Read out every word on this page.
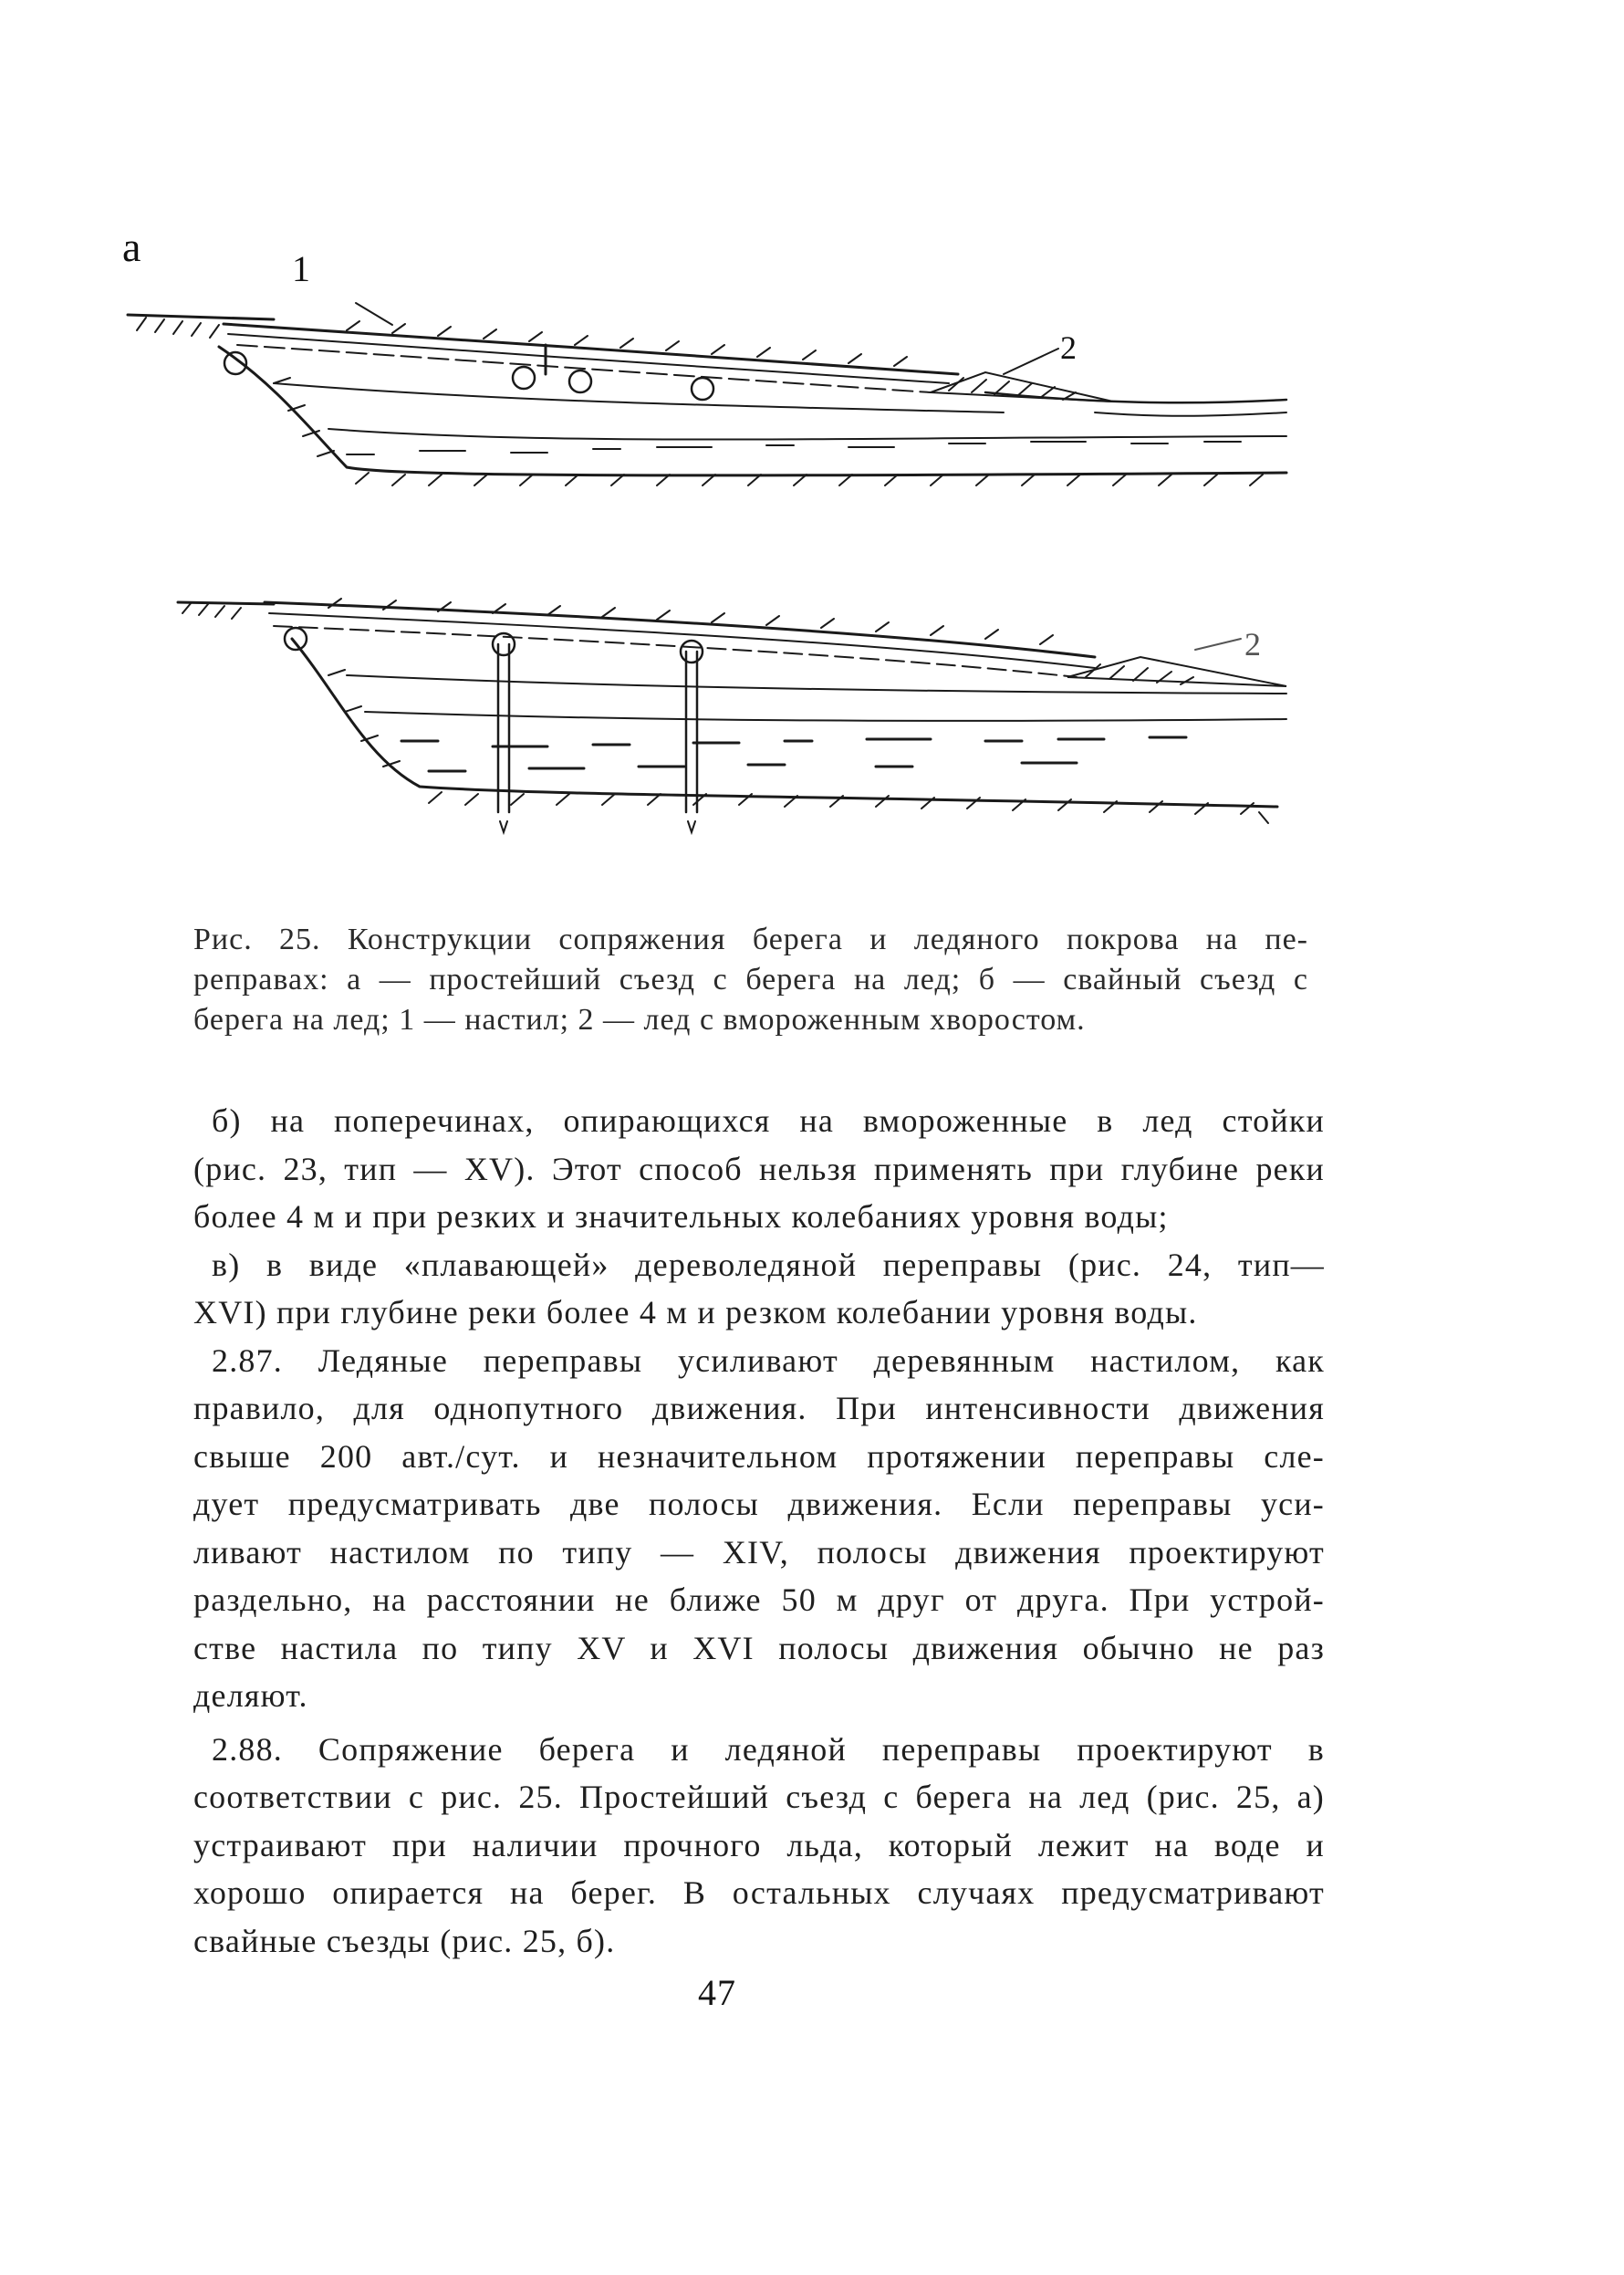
а	1
2
2
Рис. 25. Конструкции сопряжения берега и ледяного покрова на пе-
реправах: а — простейший съезд с берега на лед; б — свайный съезд с
берега на лед; 1 — настил; 2 — лед с вмороженным хворостом.
б) на поперечинах, опирающихся на вмороженные в лед стойки
(рис. 23, тип — XV). Этот способ нельзя применять при глубине реки
более 4 м и при резких и значительных колебаниях уровня воды;
в) в виде «плавающей» дереволедяной переправы (рис. 24, тип—
XVI) при глубине реки более 4 м и резком колебании уровня воды.
2.87. Ледяные переправы усиливают деревянным настилом, как
правило, для однопутного движения. При интенсивности движения
свыше 200 авт./сут. и незначительном протяжении переправы сле-
дует предусматривать две полосы движения. Если переправы уси-
ливают настилом по типу — XIV, полосы движения проектируют
раздельно, на расстоянии не ближе 50 м друг от друга. При устрой-
стве настила по типу XV и XVI полосы движения обычно не раз
деляют.
2.88. Сопряжение берега и ледяной переправы проектируют в
соответствии с рис. 25. Простейший съезд с берега на лед (рис. 25, а)
устраивают при наличии прочного льда, который лежит на воде и
хорошо опирается на берег. В остальных случаях предусматривают
свайные съезды (рис. 25, б).
47
